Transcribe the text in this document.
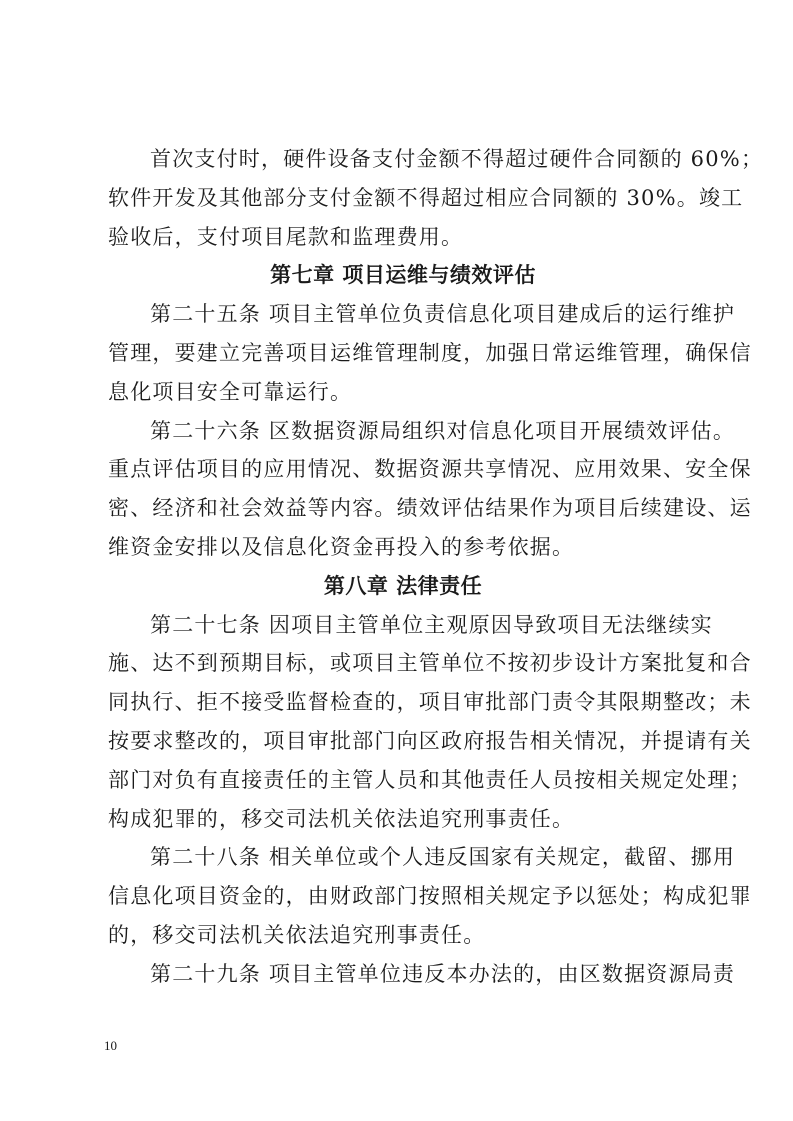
首次支付时，硬件设备支付金额不得超过硬件合同额的 60%；
软件开发及其他部分支付金额不得超过相应合同额的 30%。竣工
验收后，支付项目尾款和监理费用。
第七章 项目运维与绩效评估
第二十五条 项目主管单位负责信息化项目建成后的运行维护
管理，要建立完善项目运维管理制度，加强日常运维管理，确保信
息化项目安全可靠运行。
第二十六条 区数据资源局组织对信息化项目开展绩效评估。
重点评估项目的应用情况、数据资源共享情况、应用效果、安全保
密、经济和社会效益等内容。绩效评估结果作为项目后续建设、运
维资金安排以及信息化资金再投入的参考依据。
第八章 法律责任
第二十七条 因项目主管单位主观原因导致项目无法继续实
施、达不到预期目标，或项目主管单位不按初步设计方案批复和合
同执行、拒不接受监督检查的，项目审批部门责令其限期整改；未
按要求整改的，项目审批部门向区政府报告相关情况，并提请有关
部门对负有直接责任的主管人员和其他责任人员按相关规定处理；
构成犯罪的，移交司法机关依法追究刑事责任。
第二十八条 相关单位或个人违反国家有关规定，截留、挪用
信息化项目资金的，由财政部门按照相关规定予以惩处；构成犯罪
的，移交司法机关依法追究刑事责任。
第二十九条 项目主管单位违反本办法的，由区数据资源局责
10
